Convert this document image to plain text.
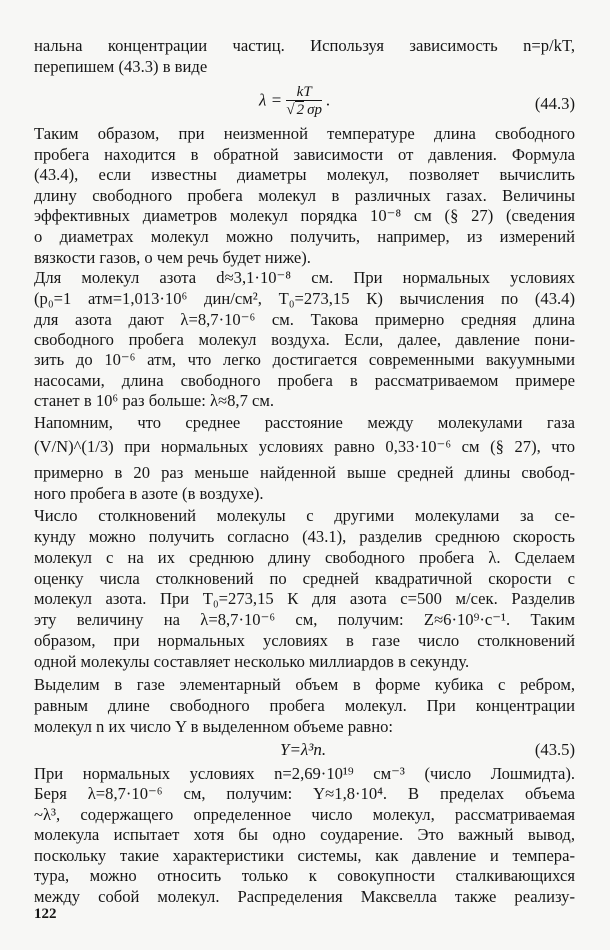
нальна концентрации частиц. Используя зависимость n=p/kT,
перепишем (43.3) в виде
$\lambda = \frac{kT}{√ 2 \sigma p}$ .	(44.3)
Таким образом, при неизменной температуре длина свободного
пробега находится в обратной зависимости от давления. Формула
(43.4), если известны диаметры молекул, позволяет вычислить
длину свободного пробега молекул в различных газах. Величины
эффективных диаметров молекул порядка 10⁻⁸ см (§ 27) (сведения
о диаметрах молекул можно получить, например, из измерений
вязкости газов, о чем речь будет ниже).
Для молекул азота d≈3,1·10⁻⁸ см. При нормальных условиях
(p₀=1 атм=1,013·10⁶ дин/см², T₀=273,15 К) вычисления по (43.4)
для азота дают λ=8,7·10⁻⁶ см. Такова примерно средняя длина
свободного пробега молекул воздуха. Если, далее, давление пони-
зить до 10⁻⁶ атм, что легко достигается современными вакуумными
насосами, длина свободного пробега в рассматриваемом примере
станет в 10⁶ раз больше: λ≈8,7 см.
Напомним, что среднее расстояние между молекулами газа
(V/N)^(1/3) при нормальных условиях равно 0,33·10⁻⁶ см (§ 27), что
примерно в 20 раз меньше найденной выше средней длины свобод-
ного пробега в азоте (в воздухе).
Число столкновений молекулы с другими молекулами за се-
кунду можно получить согласно (43.1), разделив среднюю скорость
молекул c на их среднюю длину свободного пробега λ. Сделаем
оценку числа столкновений по средней квадратичной скорости c
молекул азота. При T₀=273,15 К для азота c=500 м/сек. Разделив
эту величину на λ=8,7·10⁻⁶ см, получим: Z≈6·10⁹·c⁻¹. Таким
образом, при нормальных условиях в газе число столкновений
одной молекулы составляет несколько миллиардов в секунду.
Выделим в газе элементарный объем в форме кубика с ребром,
равным длине свободного пробега молекул. При концентрации
молекул n их число Y в выделенном объеме равно:
Y=λ³n.	(43.5)
При нормальных условиях n=2,69·10¹⁹ см⁻³ (число Лошмидта).
Беря λ=8,7·10⁻⁶ см, получим: Y≈1,8·10⁴. В пределах объема
~λ³, содержащего определенное число молекул, рассматриваемая
молекула испытает хотя бы одно соударение. Это важный вывод,
поскольку такие характеристики системы, как давление и темпера-
тура, можно относить только к совокупности сталкивающихся
между собой молекул. Распределения Максвелла также реализу-
122
